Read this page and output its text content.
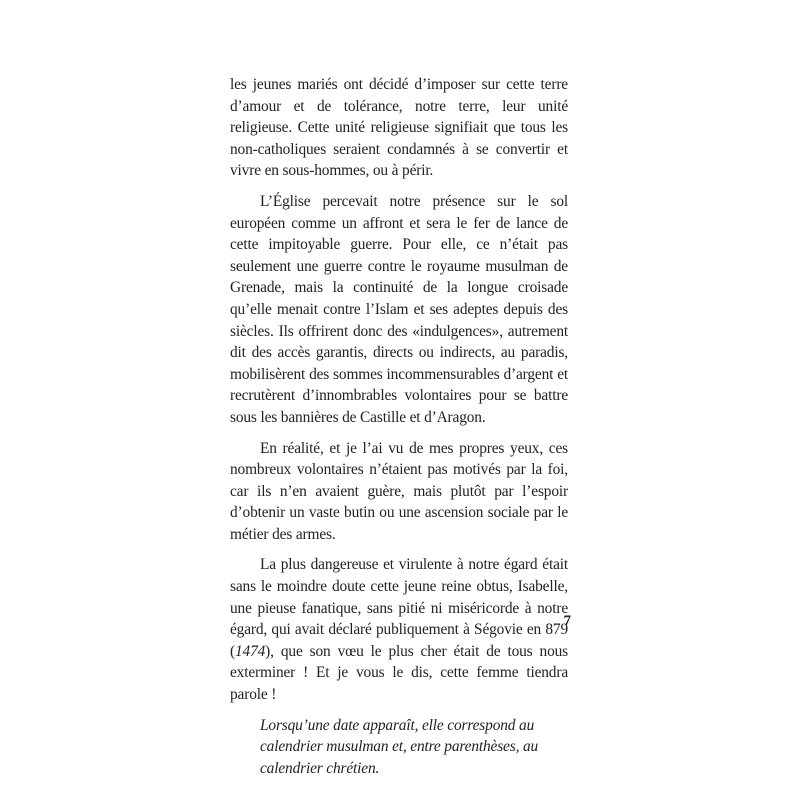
les jeunes mariés ont décidé d’imposer sur cette terre d’amour et de tolérance, notre terre, leur unité religieuse. Cette unité religieuse signifiait que tous les non-catholiques seraient condamnés à se convertir et vivre en sous-hommes, ou à périr.

L’Église percevait notre présence sur le sol européen comme un affront et sera le fer de lance de cette impitoyable guerre. Pour elle, ce n’était pas seulement une guerre contre le royaume musulman de Grenade, mais la continuité de la longue croisade qu’elle menait contre l’Islam et ses adeptes depuis des siècles. Ils offrirent donc des «indulgences», autrement dit des accès garantis, directs ou indirects, au paradis, mobilisèrent des sommes incommensurables d’argent et recrutèrent d’innombrables volontaires pour se battre sous les bannières de Castille et d’Aragon.

En réalité, et je l’ai vu de mes propres yeux, ces nombreux volontaires n’étaient pas motivés par la foi, car ils n’en avaient guère, mais plutôt par l’espoir d’obtenir un vaste butin ou une ascension sociale par le métier des armes.

La plus dangereuse et virulente à notre égard était sans le moindre doute cette jeune reine obtus, Isabelle, une pieuse fanatique, sans pitié ni miséricorde à notre égard, qui avait déclaré publiquement à Ségovie en 879 (1474), que son vœu le plus cher était de tous nous exterminer ! Et je vous le dis, cette femme tiendra parole !

Lorsqu’une date apparaît, elle correspond au calendrier musulman et, entre parenthèses, au calendrier chrétien.

7
